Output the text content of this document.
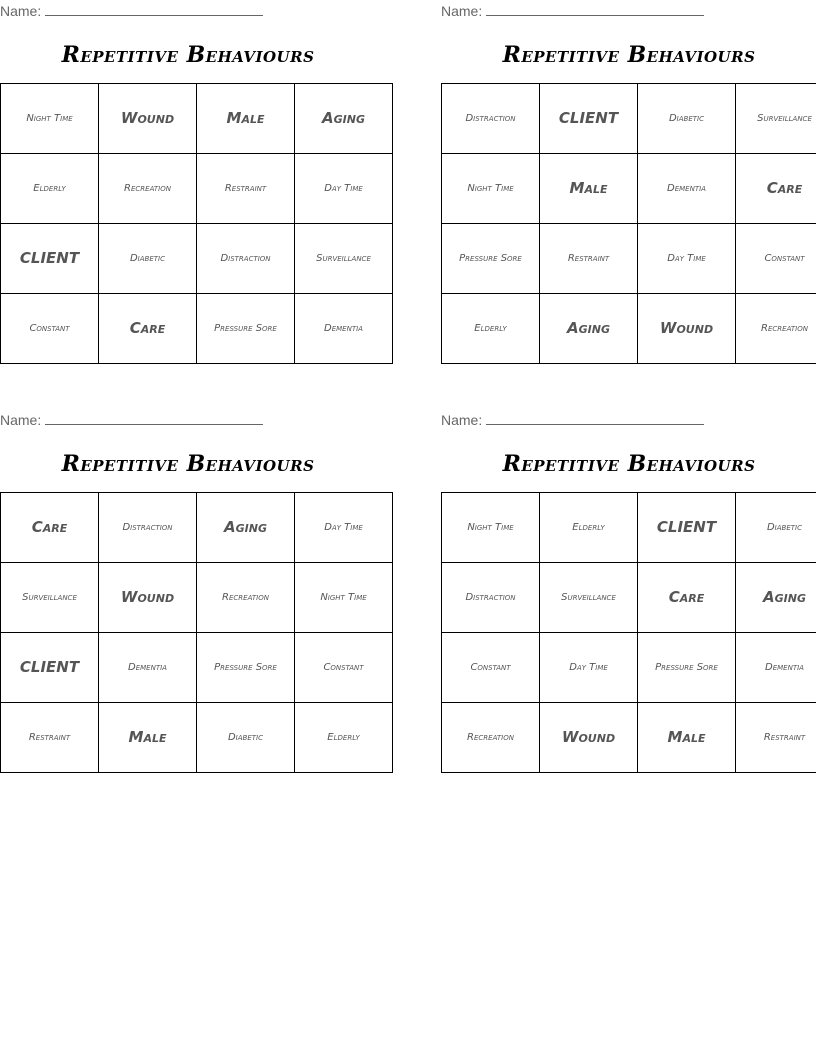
Name:
Repetitive Behaviours
Night Time	Wound	Male	Aging
Elderly	Recreation	Restraint	Day Time
CLIENT	Diabetic	Distraction	Surveillance
Constant	Care	Pressure Sore	Dementia
Name:
Repetitive Behaviours
Distraction	CLIENT	Diabetic	Surveillance
Night Time	Male	Dementia	Care
Pressure Sore	Restraint	Day Time	Constant
Elderly	Aging	Wound	Recreation
Name:
Repetitive Behaviours
Care	Distraction	Aging	Day Time
Surveillance	Wound	Recreation	Night Time
CLIENT	Dementia	Pressure Sore	Constant
Restraint	Male	Diabetic	Elderly
Name:
Repetitive Behaviours
Night Time	Elderly	CLIENT	Diabetic
Distraction	Surveillance	Care	Aging
Constant	Day Time	Pressure Sore	Dementia
Recreation	Wound	Male	Restraint
